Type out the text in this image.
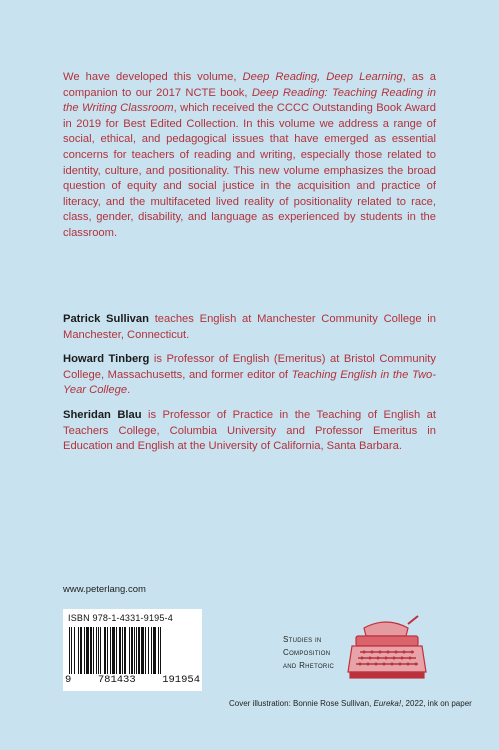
We have developed this volume, Deep Reading, Deep Learning, as a companion to our 2017 NCTE book, Deep Reading: Teaching Reading in the Writing Classroom, which received the CCCC Outstanding Book Award in 2019 for Best Edited Collection. In this volume we address a range of social, ethical, and pedagogical issues that have emerged as essential concerns for teachers of reading and writing, especially those related to identity, culture, and positionality. This new volume emphasizes the broad question of equity and social justice in the acquisition and practice of literacy, and the multifaceted lived reality of positionality related to race, class, gender, disability, and language as experienced by students in the classroom.

Patrick Sullivan teaches English at Manchester Community College in Manchester, Connecticut.

Howard Tinberg is Professor of English (Emeritus) at Bristol Community College, Massachusetts, and former editor of Teaching English in the Two-Year College.

Sheridan Blau is Professor of Practice in the Teaching of English at Teachers College, Columbia University and Professor Emeritus in Education and English at the University of California, Santa Barbara.

www.peterlang.com
ISBN 978-1-4331-9195-4
9	781433	191954
Studies in
Composition
and Rhetoric
Cover illustration: Bonnie Rose Sullivan, Eureka!, 2022, ink on paper
